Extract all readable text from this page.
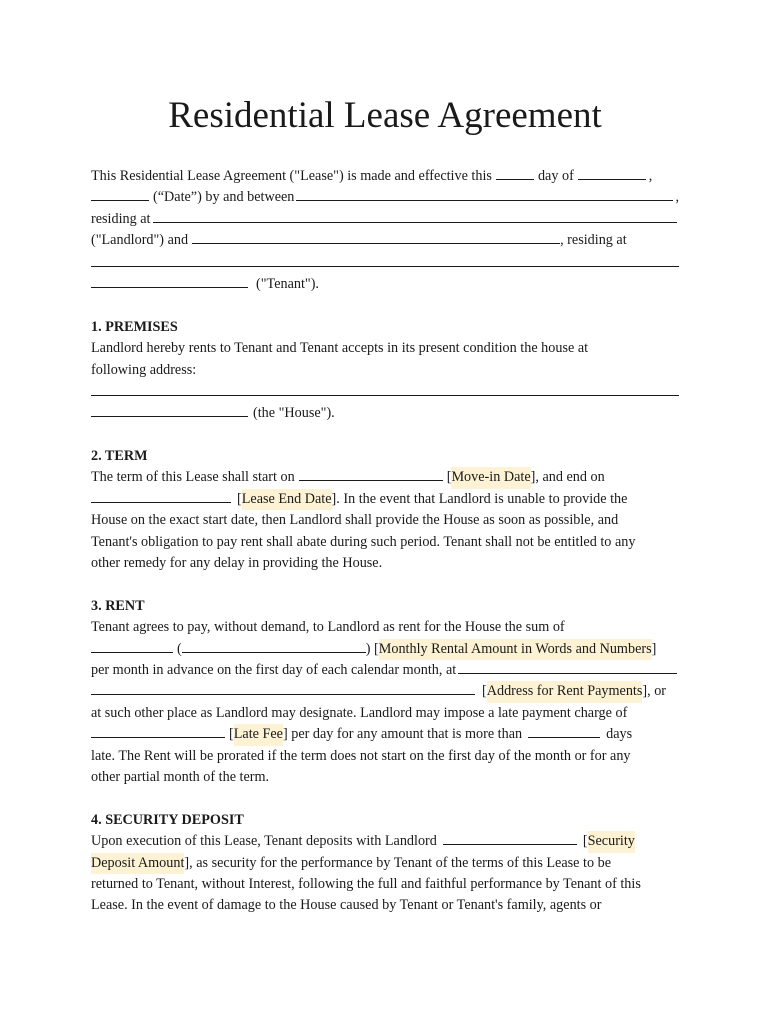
Residential Lease Agreement
This Residential Lease Agreement ("Lease") is made and effective this	day of	,
(“Date”) by and between	,
residing at
("Landlord") and	, residing at
("Tenant").
1. PREMISES
Landlord hereby rents to Tenant and Tenant accepts in its present condition the house at
following address:
(the "House").
2. TERM
The term of this Lease shall start on	[ Move-in Date ], and end on
[ Lease End Date ]. In the event that Landlord is unable to provide the
House on the exact start date, then Landlord shall provide the House as soon as possible, and
Tenant's obligation to pay rent shall abate during such period. Tenant shall not be entitled to any
other remedy for any delay in providing the House.
3. RENT
Tenant agrees to pay, without demand, to Landlord as rent for the House the sum of
(	) [ Monthly Rental Amount in Words and Numbers ]
per month in advance on the first day of each calendar month, at
[ Address for Rent Payments ], or
at such other place as Landlord may designate. Landlord may impose a late payment charge of
[ Late Fee ] per day for any amount that is more than	days
late. The Rent will be prorated if the term does not start on the first day of the month or for any
other partial month of the term.
4. SECURITY DEPOSIT
Upon execution of this Lease, Tenant deposits with Landlord	[ Security
Deposit Amount ], as security for the performance by Tenant of the terms of this Lease to be
returned to Tenant, without Interest, following the full and faithful performance by Tenant of this
Lease. In the event of damage to the House caused by Tenant or Tenant's family, agents or
